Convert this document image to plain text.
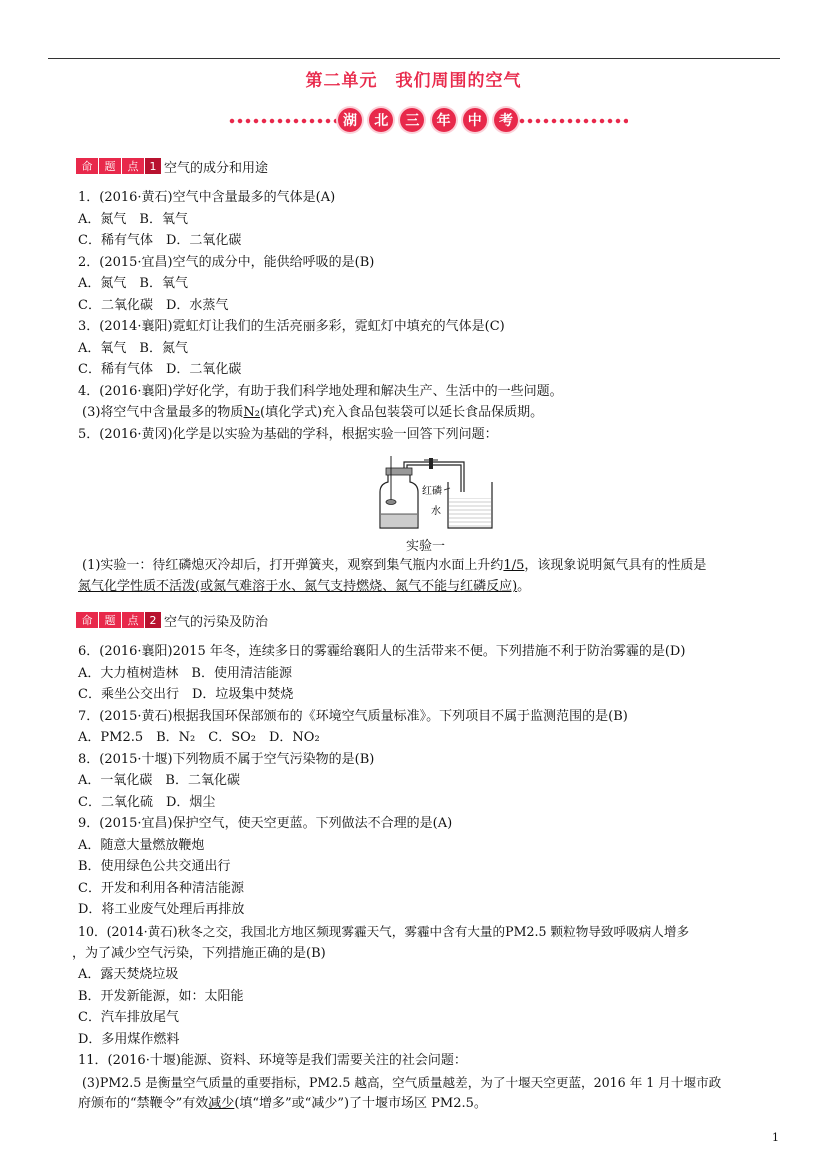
第二单元　我们周围的空气
湖	北	三	年	中	考
命	题	点	1 空气的成分和用途
1．(2016·黄石)空气中含量最多的气体是(A)
A．氮气　B．氧气
C．稀有气体　D．二氧化碳
2．(2015·宜昌)空气的成分中，能供给呼吸的是(B)
A．氮气　B．氧气
C．二氧化碳　D．水蒸气
3．(2014·襄阳)霓虹灯让我们的生活亮丽多彩，霓虹灯中填充的气体是(C)
A．氧气　B．氮气
C．稀有气体　D．二氧化碳
4．(2016·襄阳)学好化学，有助于我们科学地处理和解决生产、生活中的一些问题。
(3)将空气中含量最多的物质N₂(填化学式)充入食品包装袋可以延长食品保质期。
5．(2016·黄冈)化学是以实验为基础的学科，根据实验一回答下列问题：
红磷
水
实验一
(1)实验一：待红磷熄灭冷却后，打开弹簧夹，观察到集气瓶内水面上升约1/5，该现象说明氮气具有的性质是
氮气化学性质不活泼(或氮气难溶于水、氮气支持燃烧、氮气不能与红磷反应)。
命	题	点	2 空气的污染及防治
6．(2016·襄阳)2015 年冬，连续多日的雾霾给襄阳人的生活带来不便。下列措施不利于防治雾霾的是(D)
A．大力植树造林　B．使用清洁能源
C．乘坐公交出行　D．垃圾集中焚烧
7．(2015·黄石)根据我国环保部颁布的《环境空气质量标准》。下列项目不属于监测范围的是(B)
A．PM2.5　B．N₂　C．SO₂　D．NO₂
8．(2015·十堰)下列物质不属于空气污染物的是(B)
A．一氧化碳　B．二氧化碳
C．二氧化硫　D．烟尘
9．(2015·宜昌)保护空气，使天空更蓝。下列做法不合理的是(A)
A．随意大量燃放鞭炮
B．使用绿色公共交通出行
C．开发和利用各种清洁能源
D．将工业废气处理后再排放
10．(2014·黄石)秋冬之交，我国北方地区频现雾霾天气，雾霾中含有大量的PM2.5 颗粒物导致呼吸病人增多
，为了减少空气污染，下列措施正确的是(B)
A．露天焚烧垃圾
B．开发新能源，如：太阳能
C．汽车排放尾气
D．多用煤作燃料
11．(2016·十堰)能源、资料、环境等是我们需要关注的社会问题：
(3)PM2.5 是衡量空气质量的重要指标，PM2.5 越高，空气质量越差，为了十堰天空更蓝，2016 年 1 月十堰市政
府颁布的“禁鞭令”有效减少(填“增多”或“减少”)了十堰市场区 PM2.5。
1
